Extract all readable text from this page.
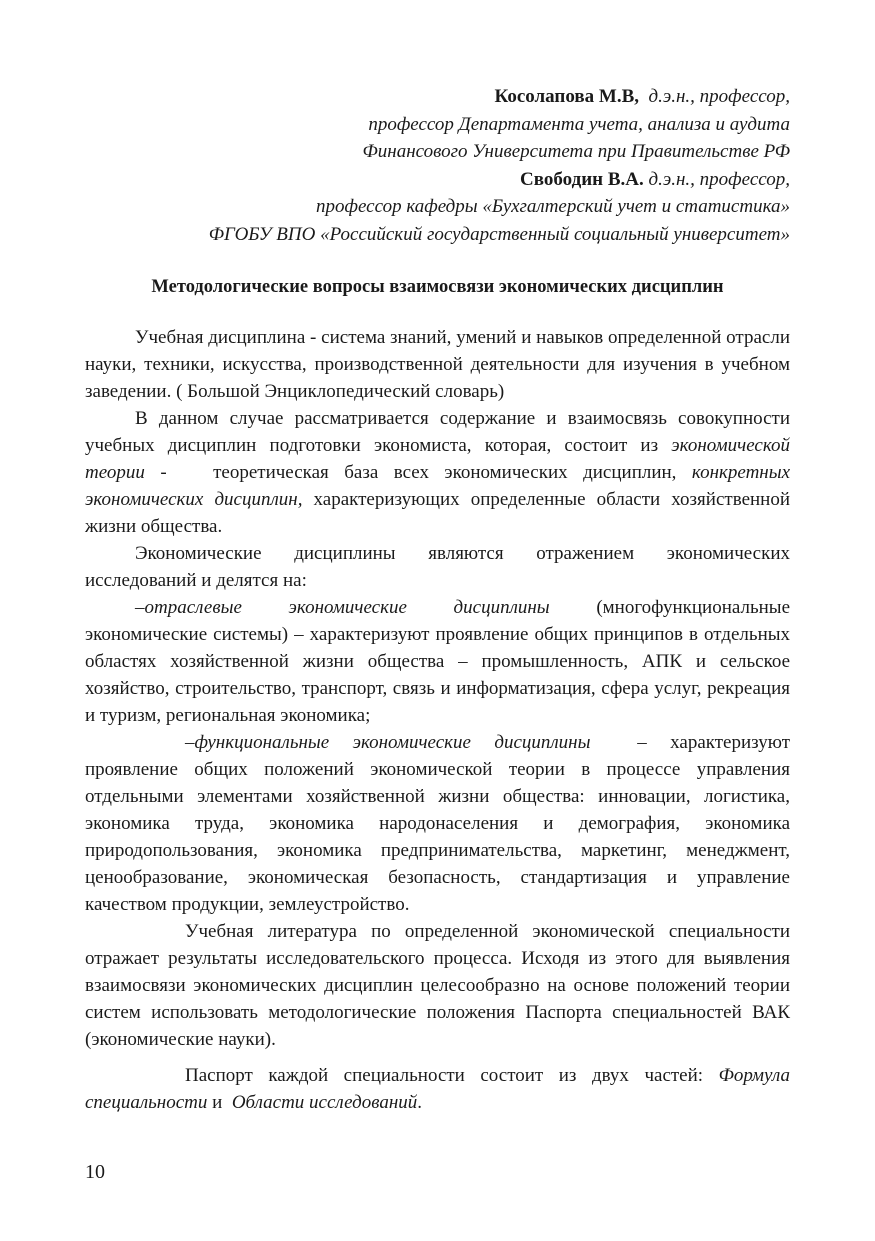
Косолапова М.В, д.э.н., профессор,
профессор Департамента учета, анализа и аудита
Финансового Университета при Правительстве РФ
Свободин В.А. д.э.н., профессор,
профессор кафедры «Бухгалтерский учет и статистика»
ФГОБУ ВПО «Российский государственный социальный университет»
Методологические вопросы взаимосвязи экономических дисциплин

Учебная дисциплина - система знаний, умений и навыков определенной отрасли науки, техники, искусства, производственной деятельности для изучения в учебном заведении. ( Большой Энциклопедический словарь)

В данном случае рассматривается содержание и взаимосвязь совокупности учебных дисциплин подготовки экономиста, которая, состоит из экономической теории - теоретическая база всех экономических дисциплин, конкретных экономических дисциплин, характеризующих определенные области хозяйственной жизни общества.

Экономические дисциплины являются отражением экономических исследований и делятся на:

–отраслевые экономические дисциплины (многофункциональные экономические системы) – характеризуют проявление общих принципов в отдельных областях хозяйственной жизни общества – промышленность, АПК и сельское хозяйство, строительство, транспорт, связь и информатизация, сфера услуг, рекреация и туризм, региональная экономика;

–функциональные экономические дисциплины – характеризуют проявление общих положений экономической теории в процессе управления отдельными элементами хозяйственной жизни общества: инновации, логистика, экономика труда, экономика народонаселения и демография, экономика природопользования, экономика предпринимательства, маркетинг, менеджмент, ценообразование, экономическая безопасность, стандартизация и управление качеством продукции, землеустройство.

Учебная литература по определенной экономической специальности отражает результаты исследовательского процесса. Исходя из этого для выявления взаимосвязи экономических дисциплин целесообразно на основе положений теории систем использовать методологические положения Паспорта специальностей ВАК (экономические науки).

Паспорт каждой специальности состоит из двух частей: Формула специальности и Области исследований.

10
